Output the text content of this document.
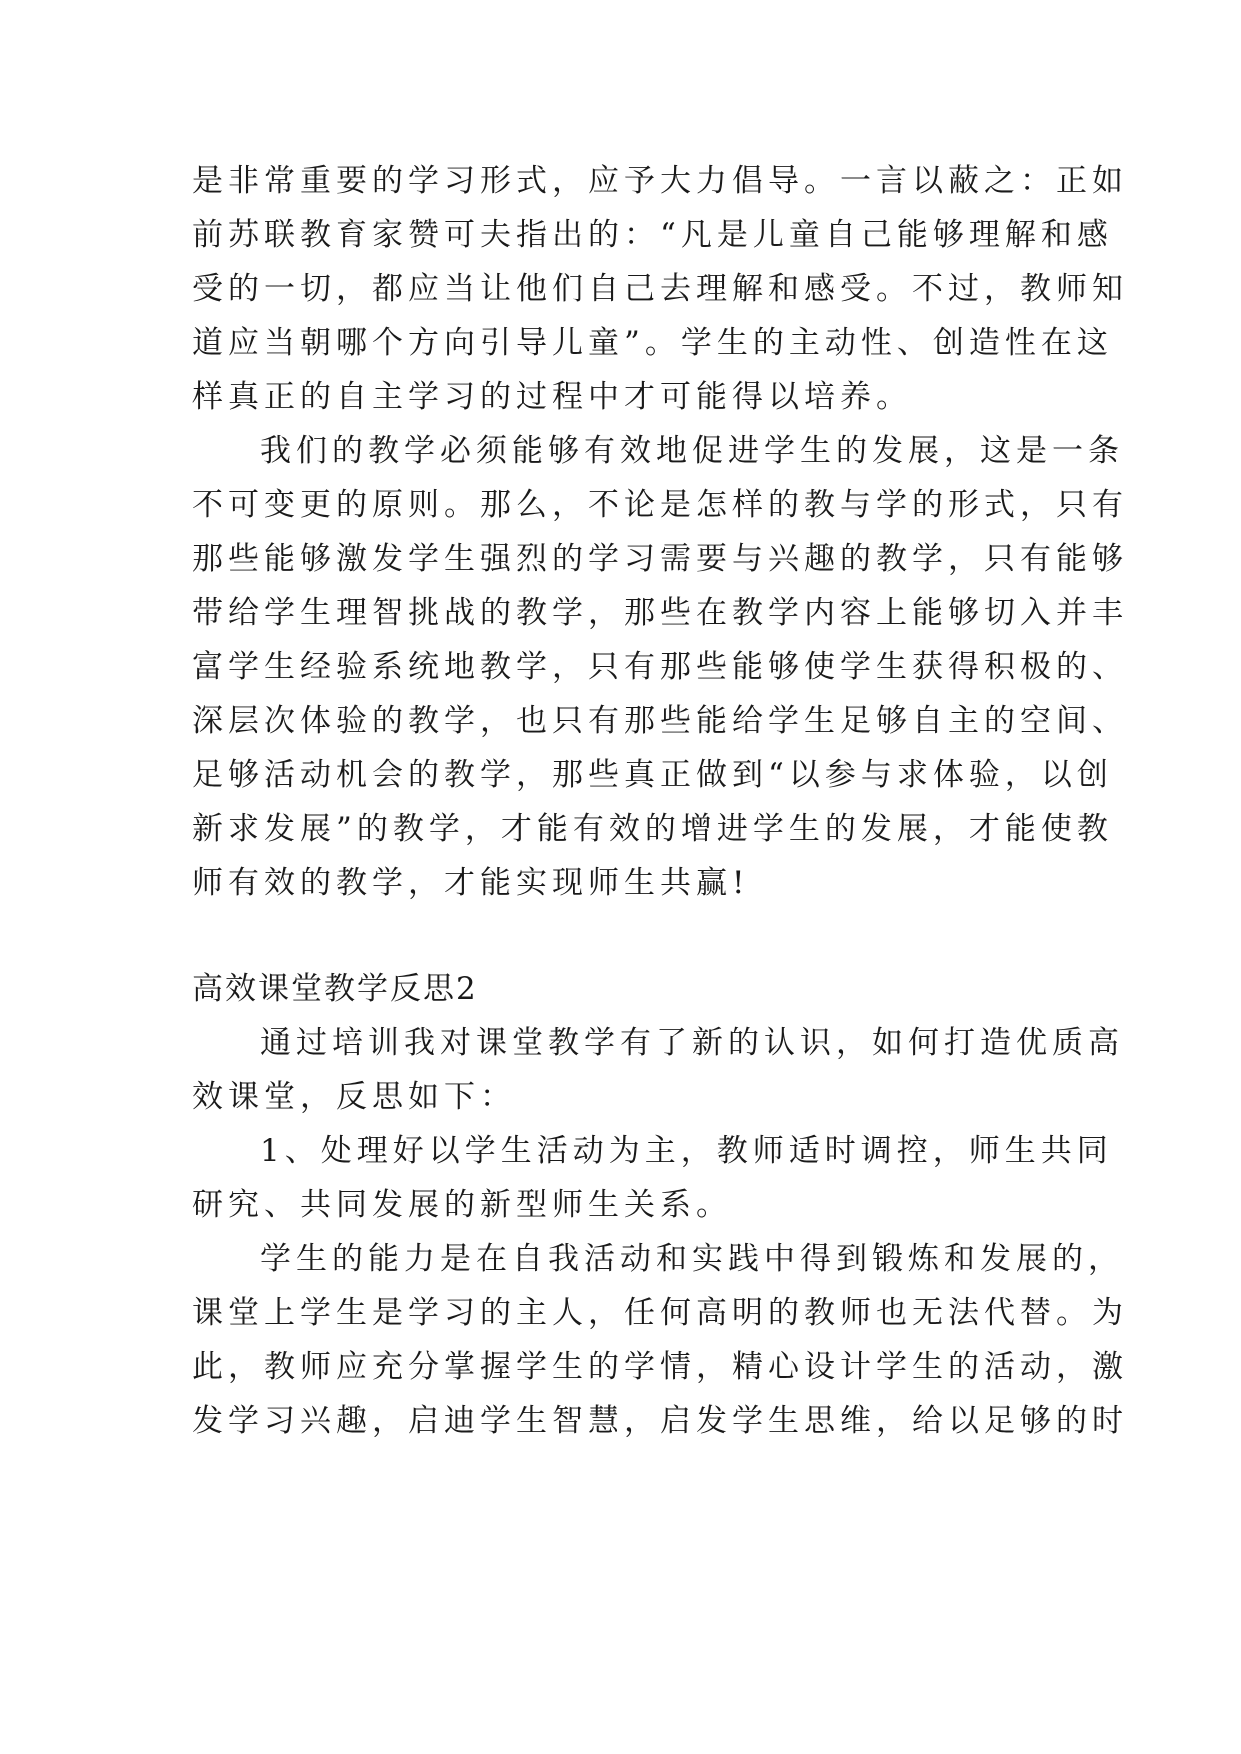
是非常重要的学习形式，应予大力倡导。一言以蔽之：正如
前苏联教育家赞可夫指出的：“凡是儿童自己能够理解和感
受的一切，都应当让他们自己去理解和感受。不过，教师知
道应当朝哪个方向引导儿童”。学生的主动性、创造性在这
样真正的自主学习的过程中才可能得以培养。
我们的教学必须能够有效地促进学生的发展，这是一条
不可变更的原则。那么，不论是怎样的教与学的形式，只有
那些能够激发学生强烈的学习需要与兴趣的教学，只有能够
带给学生理智挑战的教学，那些在教学内容上能够切入并丰
富学生经验系统地教学，只有那些能够使学生获得积极的、
深层次体验的教学，也只有那些能给学生足够自主的空间、
足够活动机会的教学，那些真正做到“以参与求体验，以创
新求发展”的教学，才能有效的增进学生的发展，才能使教
师有效的教学，才能实现师生共赢!
高效课堂教学反思2
通过培训我对课堂教学有了新的认识，如何打造优质高
效课堂，反思如下：
1、处理好以学生活动为主，教师适时调控，师生共同
研究、共同发展的新型师生关系。
学生的能力是在自我活动和实践中得到锻炼和发展的，
课堂上学生是学习的主人，任何高明的教师也无法代替。为
此，教师应充分掌握学生的学情，精心设计学生的活动，激
发学习兴趣，启迪学生智慧，启发学生思维，给以足够的时
